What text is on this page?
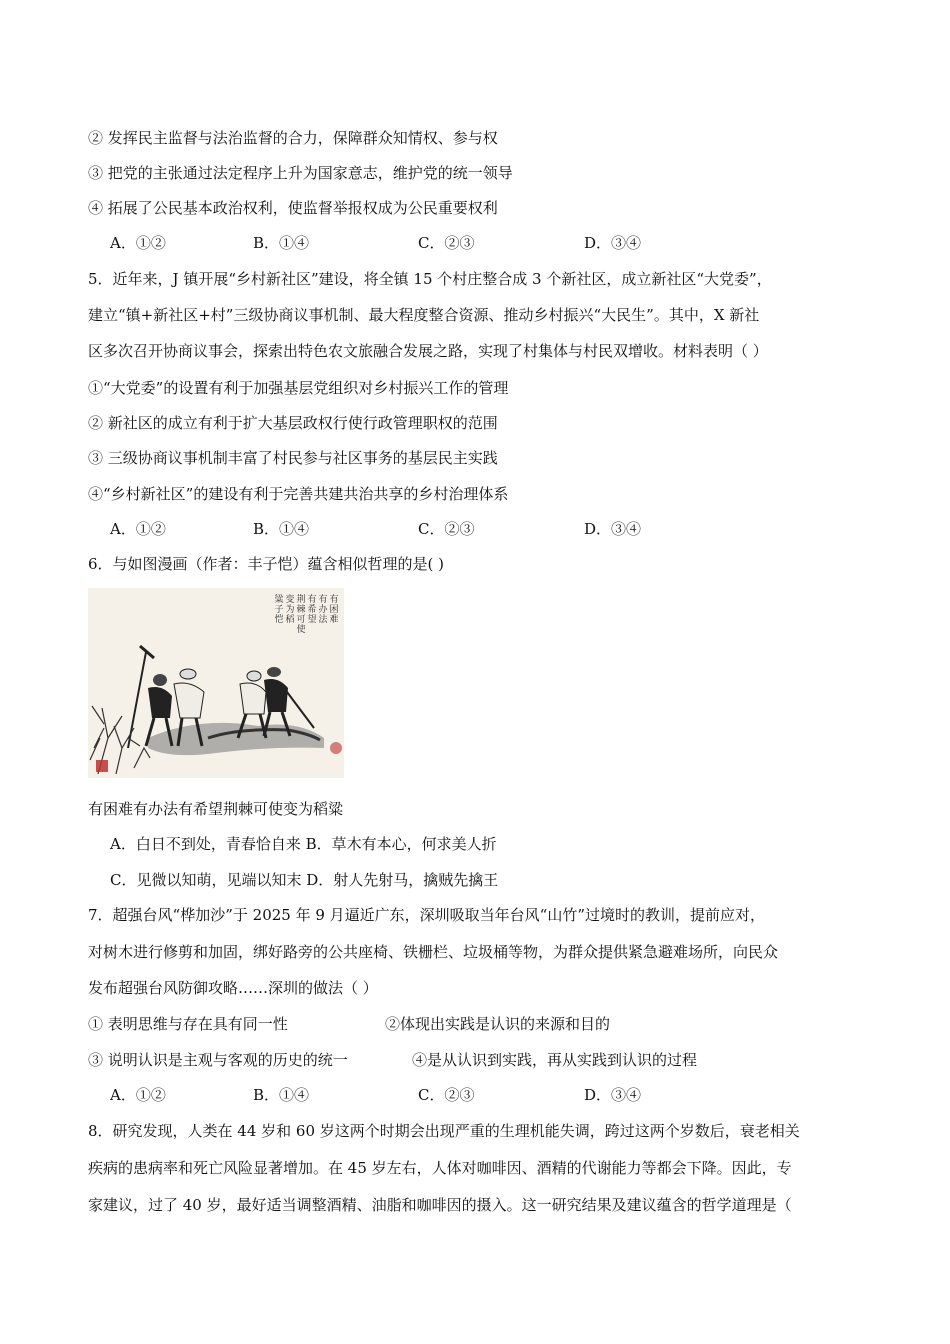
② 发挥民主监督与法治监督的合力，保障群众知情权、参与权
③ 把党的主张通过法定程序上升为国家意志，维护党的统一领导
④ 拓展了公民基本政治权利，使监督举报权成为公民重要权利
A．①②	B．①④	C．②③	D．③④
5．近年来，J 镇开展“乡村新社区”建设，将全镇 15 个村庄整合成 3 个新社区，成立新社区“大党委”，
建立“镇+新社区+村”三级协商议事机制、最大程度整合资源、推动乡村振兴“大民生”。其中，X 新社
区多次召开协商议事会，探索出特色农文旅融合发展之路，实现了村集体与村民双增收。材料表明（ ）
①“大党委”的设置有利于加强基层党组织对乡村振兴工作的管理
② 新社区的成立有利于扩大基层政权行使行政管理职权的范围
③ 三级协商议事机制丰富了村民参与社区事务的基层民主实践
④“乡村新社区”的建设有利于完善共建共治共享的乡村治理体系
A．①②	B．①④	C．②③	D．③④
6．与如图漫画（作者：丰子恺）蕴含相似哲理的是( )
有
困
难
有
办
法
有
希
望
荆
棘
可
使
变
为
稻
粱
子
恺
有困难有办法有希望荆棘可使变为稻粱
A．白日不到处，青春恰自来 B．草木有本心，何求美人折
C．见微以知萌，见端以知末 D．射人先射马，擒贼先擒王
7．超强台风“桦加沙”于 2025 年 9 月逼近广东，深圳吸取当年台风“山竹”过境时的教训，提前应对，
对树木进行修剪和加固，绑好路旁的公共座椅、铁栅栏、垃圾桶等物，为群众提供紧急避难场所，向民众
发布超强台风防御攻略……深圳的做法（ ）
① 表明思维与存在具有同一性	②体现出实践是认识的来源和目的
③ 说明认识是主观与客观的历史的统一	④是从认识到实践，再从实践到认识的过程
A．①②	B．①④	C．②③	D．③④
8．研究发现，人类在 44 岁和 60 岁这两个时期会出现严重的生理机能失调，跨过这两个岁数后，衰老相关
疾病的患病率和死亡风险显著增加。在 45 岁左右，人体对咖啡因、酒精的代谢能力等都会下降。因此，专
家建议，过了 40 岁，最好适当调整酒精、油脂和咖啡因的摄入。这一研究结果及建议蕴含的哲学道理是（
